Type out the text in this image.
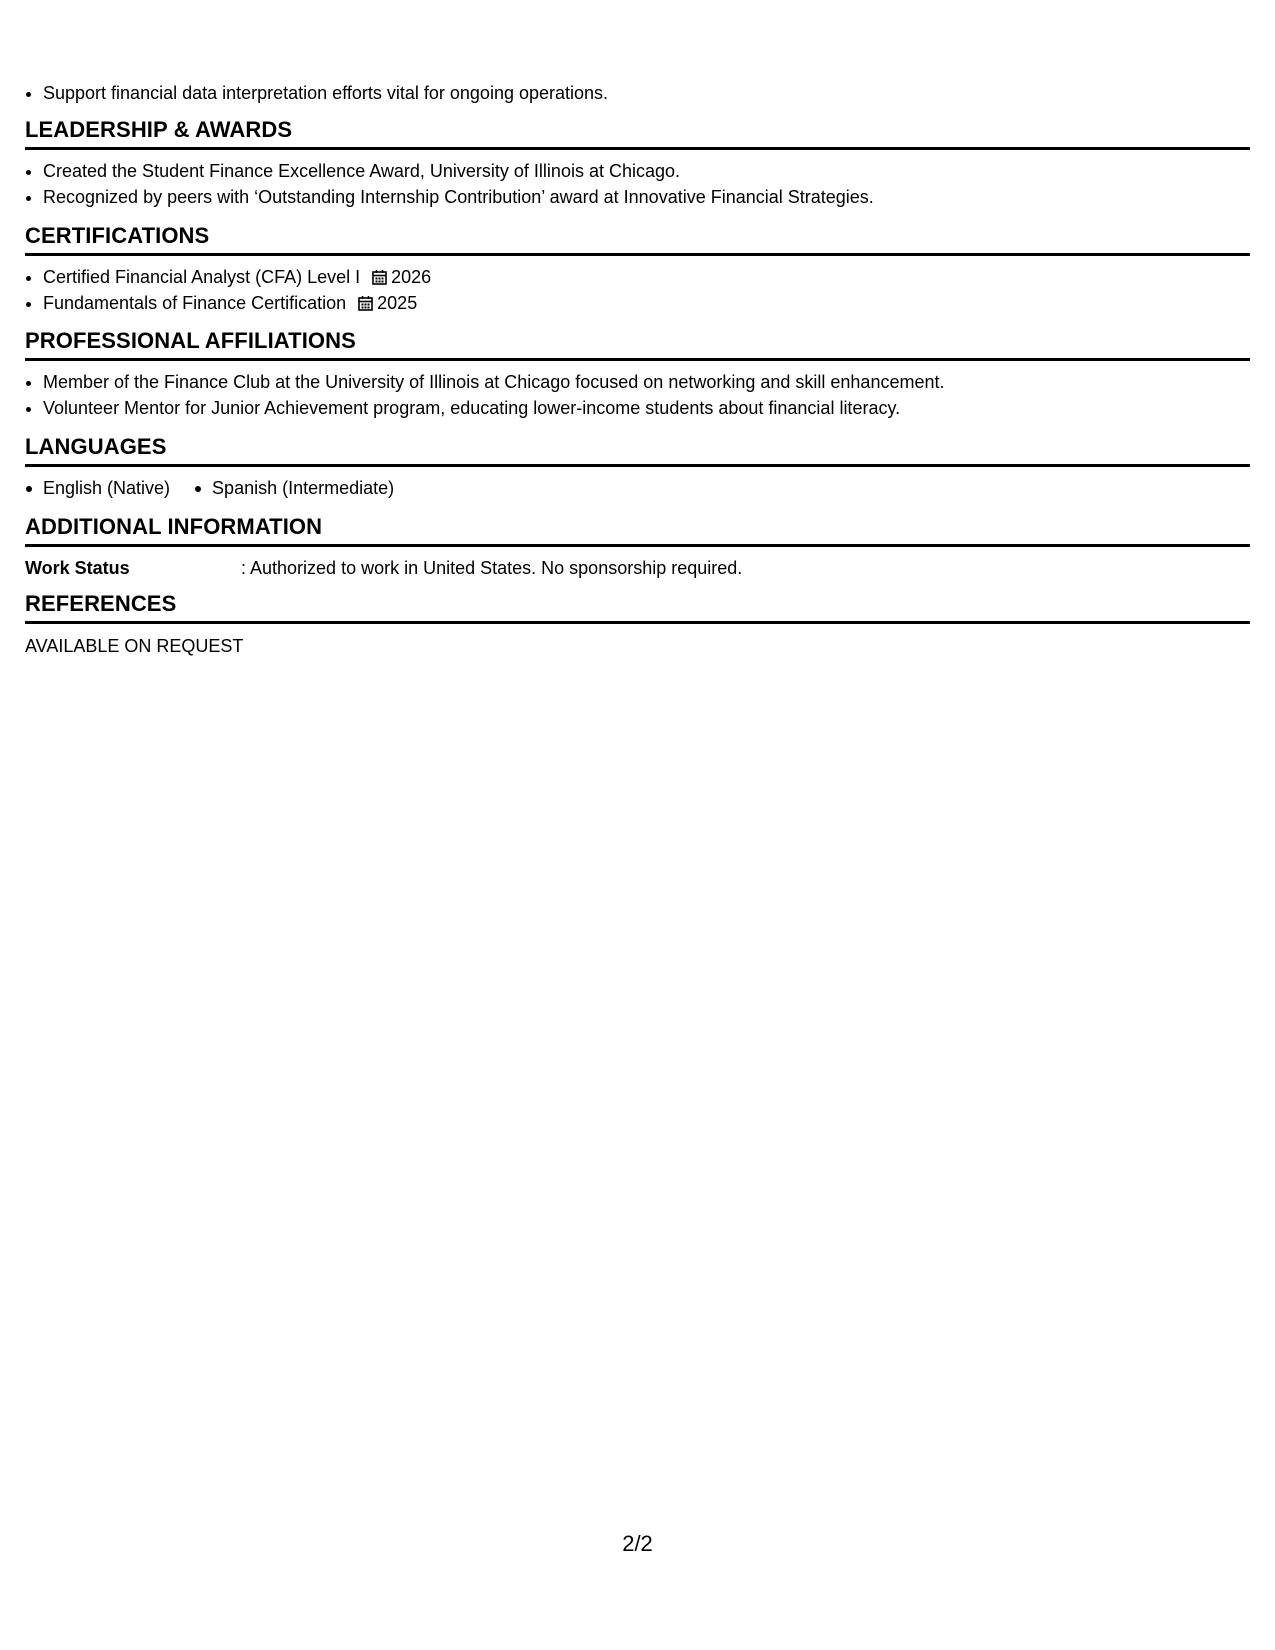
• Support financial data interpretation efforts vital for ongoing operations.
LEADERSHIP & AWARDS
• Created the Student Finance Excellence Award, University of Illinois at Chicago.
• Recognized by peers with ‘Outstanding Internship Contribution’ award at Innovative Financial Strategies.
CERTIFICATIONS
• Certified Financial Analyst (CFA) Level I 2026
• Fundamentals of Finance Certification 2025
PROFESSIONAL AFFILIATIONS
• Member of the Finance Club at the University of Illinois at Chicago focused on networking and skill enhancement.
• Volunteer Mentor for Junior Achievement program, educating lower-income students about financial literacy.
LANGUAGES
English (Native)	Spanish (Intermediate)
ADDITIONAL INFORMATION
Work Status	: Authorized to work in United States. No sponsorship required.
REFERENCES
AVAILABLE ON REQUEST
2/2
